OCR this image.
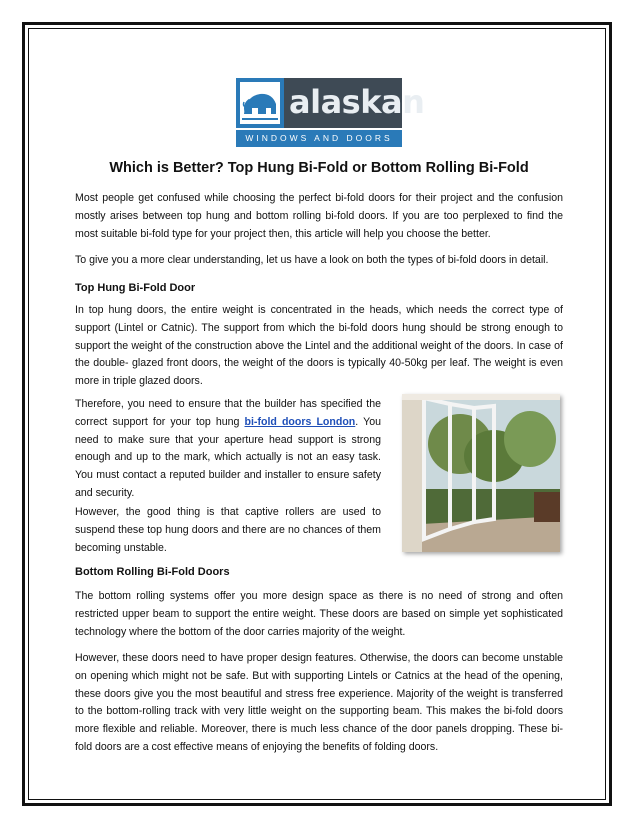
alaskan
WINDOWS AND DOORS
Which is Better? Top Hung Bi-Fold or Bottom Rolling Bi-Fold

Most people get confused while choosing the perfect bi-fold doors for their project and the confusion mostly arises between top hung and bottom rolling bi-fold doors. If you are too perplexed to find the most suitable bi-fold type for your project then, this article will help you choose the better.

To give you a more clear understanding, let us have a look on both the types of bi-fold doors in detail.

Top Hung Bi-Fold Door

In top hung doors, the entire weight is concentrated in the heads, which needs the correct type of support (Lintel or Catnic). The support from which the bi-fold doors hung should be strong enough to support the weight of the construction above the Lintel and the additional weight of the doors. In case of the double- glazed front doors, the weight of the doors is typically 40-50kg per leaf. The weight is even more in triple glazed doors.

Therefore, you need to ensure that the builder has specified the correct support for your top hung bi-fold doors London. You need to make sure that your aperture head support is strong enough and up to the mark, which actually is not an easy task. You must contact a reputed builder and installer to ensure safety and security.

However, the good thing is that captive rollers are used to suspend these top hung doors and there are no chances of them becoming unstable.

Bottom Rolling Bi-Fold Doors

The bottom rolling systems offer you more design space as there is no need of strong and often restricted upper beam to support the entire weight. These doors are based on simple yet sophisticated technology where the bottom of the door carries majority of the weight.

However, these doors need to have proper design features. Otherwise, the doors can become unstable on opening which might not be safe. But with supporting Lintels or Catnics at the head of the opening, these doors give you the most beautiful and stress free experience. Majority of the weight is transferred to the bottom-rolling track with very little weight on the supporting beam. This makes the bi-fold doors more flexible and reliable. Moreover, there is much less chance of the door panels dropping. These bi-fold doors are a cost effective means of enjoying the benefits of folding doors.
